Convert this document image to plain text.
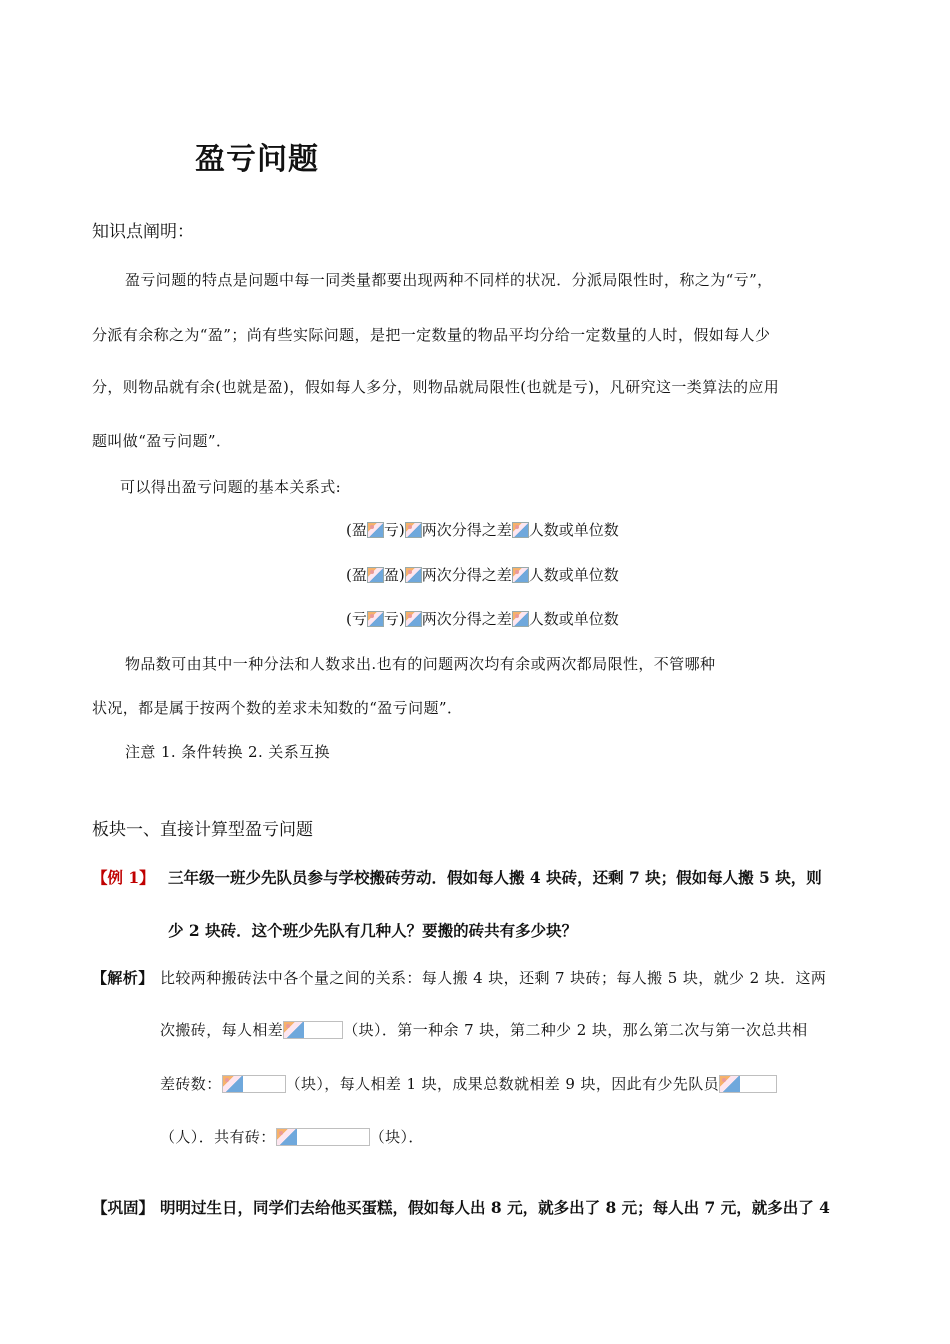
盈亏问题
知识点阐明：
盈亏问题的特点是问题中每一同类量都要出现两种不同样的状况．分派局限性时，称之为“亏”，
分派有余称之为“盈”；尚有些实际问题，是把一定数量的物品平均分给一定数量的人时，假如每人少
分，则物品就有余(也就是盈)，假如每人多分，则物品就局限性(也就是亏)，凡研究这一类算法的应用
题叫做“盈亏问题”．
可以得出盈亏问题的基本关系式:
(盈 亏) 两次分得之差 人数或单位数
(盈 盈) 两次分得之差 人数或单位数
(亏 亏) 两次分得之差 人数或单位数
物品数可由其中一种分法和人数求出.也有的问题两次均有余或两次都局限性，不管哪种
状况，都是属于按两个数的差求未知数的“盈亏问题”．
注意 1. 条件转换 2. 关系互换
板块一、直接计算型盈亏问题
【例 1】 三年级一班少先队员参与学校搬砖劳动．假如每人搬 4 块砖，还剩 7 块；假如每人搬 5 块，则
少 2 块砖．这个班少先队有几种人？要搬的砖共有多少块？
【解析】 比较两种搬砖法中各个量之间的关系：每人搬 4 块，还剩 7 块砖；每人搬 5 块，就少 2 块．这两
次搬砖，每人相差	（块）．第一种余 7 块，第二种少 2 块，那么第二次与第一次总共相
差砖数：	（块），每人相差 1 块，成果总数就相差 9 块，因此有少先队员
（人）．共有砖：	（块）．
【巩固】 明明过生日，同学们去给他买蛋糕，假如每人出 8 元，就多出了 8 元；每人出 7 元，就多出了 4
